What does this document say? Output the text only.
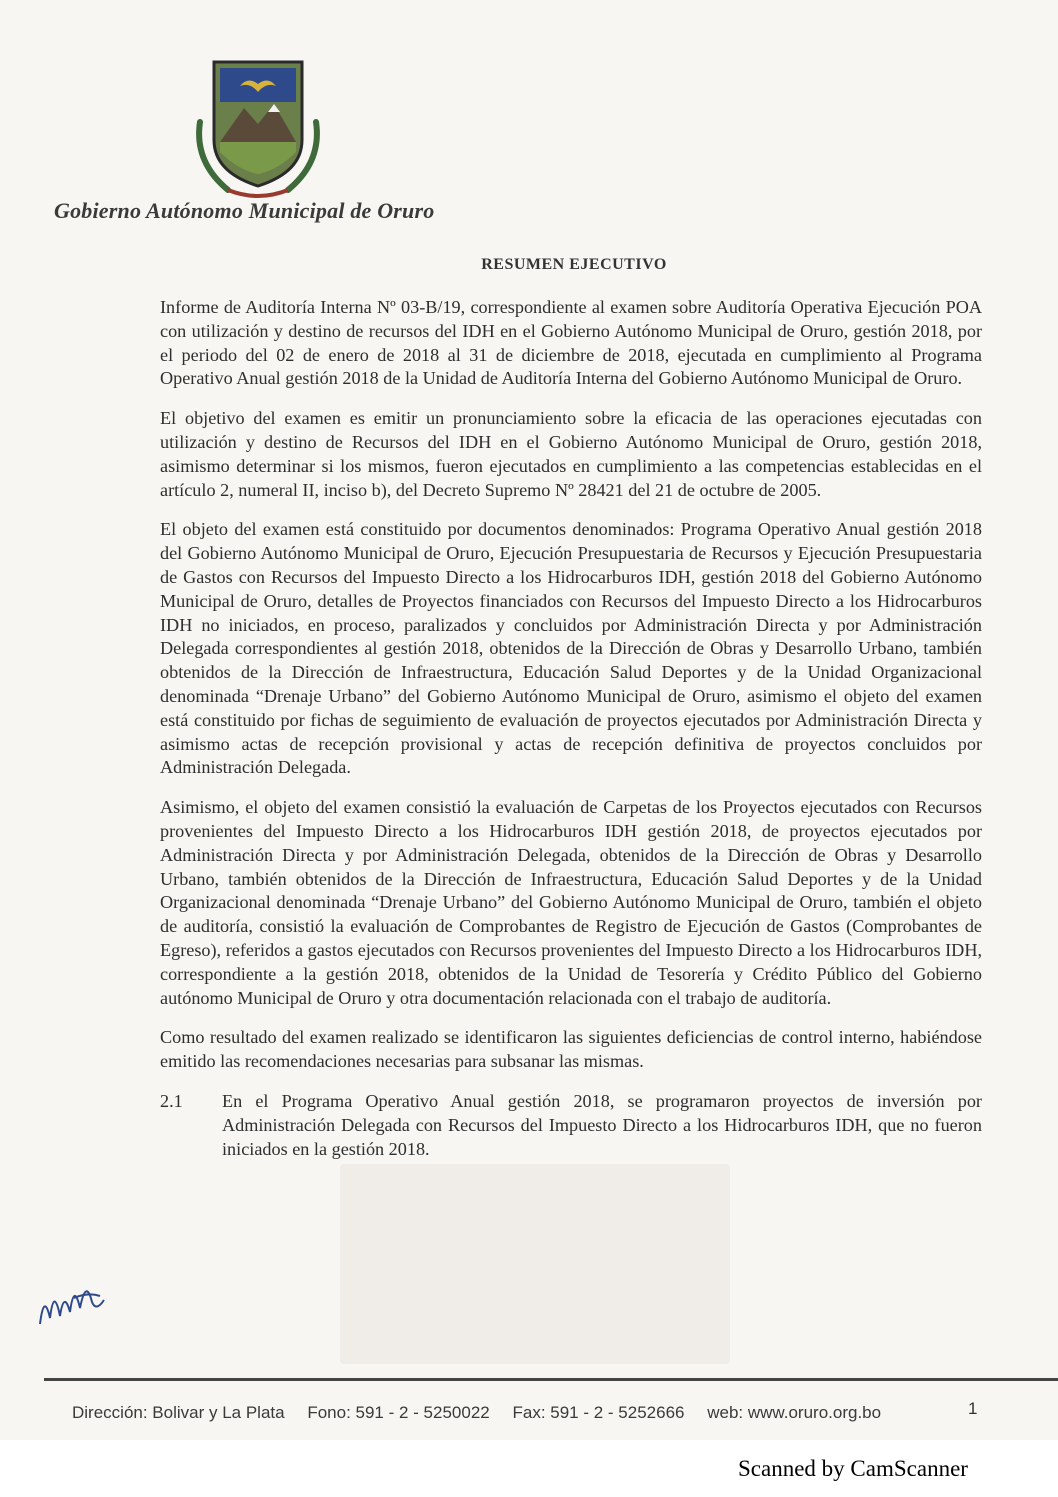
Gobierno Autónomo Municipal de Oruro
RESUMEN EJECUTIVO

Informe de Auditoría Interna Nº 03-B/19, correspondiente al examen sobre Auditoría Operativa Ejecución POA con utilización y destino de recursos del IDH en el Gobierno Autónomo Municipal de Oruro, gestión 2018, por el periodo del 02 de enero de 2018 al 31 de diciembre de 2018, ejecutada en cumplimiento al Programa Operativo Anual gestión 2018 de la Unidad de Auditoría Interna del Gobierno Autónomo Municipal de Oruro.

El objetivo del examen es emitir un pronunciamiento sobre la eficacia de las operaciones ejecutadas con utilización y destino de Recursos del IDH en el Gobierno Autónomo Municipal de Oruro, gestión 2018, asimismo determinar si los mismos, fueron ejecutados en cumplimiento a las competencias establecidas en el artículo 2, numeral II, inciso b), del Decreto Supremo Nº 28421 del 21 de octubre de 2005.

El objeto del examen está constituido por documentos denominados: Programa Operativo Anual gestión 2018 del Gobierno Autónomo Municipal de Oruro, Ejecución Presupuestaria de Recursos y Ejecución Presupuestaria de Gastos con Recursos del Impuesto Directo a los Hidrocarburos IDH, gestión 2018 del Gobierno Autónomo Municipal de Oruro, detalles de Proyectos financiados con Recursos del Impuesto Directo a los Hidrocarburos IDH no iniciados, en proceso, paralizados y concluidos por Administración Directa y por Administración Delegada correspondientes al gestión 2018, obtenidos de la Dirección de Obras y Desarrollo Urbano, también obtenidos de la Dirección de Infraestructura, Educación Salud Deportes y de la Unidad Organizacional denominada “Drenaje Urbano” del Gobierno Autónomo Municipal de Oruro, asimismo el objeto del examen está constituido por fichas de seguimiento de evaluación de proyectos ejecutados por Administración Directa y asimismo actas de recepción provisional y actas de recepción definitiva de proyectos concluidos por Administración Delegada.

Asimismo, el objeto del examen consistió la evaluación de Carpetas de los Proyectos ejecutados con Recursos provenientes del Impuesto Directo a los Hidrocarburos IDH gestión 2018, de proyectos ejecutados por Administración Directa y por Administración Delegada, obtenidos de la Dirección de Obras y Desarrollo Urbano, también obtenidos de la Dirección de Infraestructura, Educación Salud Deportes y de la Unidad Organizacional denominada “Drenaje Urbano” del Gobierno Autónomo Municipal de Oruro, también el objeto de auditoría, consistió la evaluación de Comprobantes de Registro de Ejecución de Gastos (Comprobantes de Egreso), referidos a gastos ejecutados con Recursos provenientes del Impuesto Directo a los Hidrocarburos IDH, correspondiente a la gestión 2018, obtenidos de la Unidad de Tesorería y Crédito Público del Gobierno autónomo Municipal de Oruro y otra documentación relacionada con el trabajo de auditoría.

Como resultado del examen realizado se identificaron las siguientes deficiencias de control interno, habiéndose emitido las recomendaciones necesarias para subsanar las mismas.

2.1	En el Programa Operativo Anual gestión 2018, se programaron proyectos de inversión por Administración Delegada con Recursos del Impuesto Directo a los Hidrocarburos IDH, que no fueron iniciados en la gestión 2018.
Dirección: Bolivar y La Plata Fono: 591 - 2 - 5250022 Fax: 591 - 2 - 5252666 web: www.oruro.org.bo	1
Scanned by CamScanner
